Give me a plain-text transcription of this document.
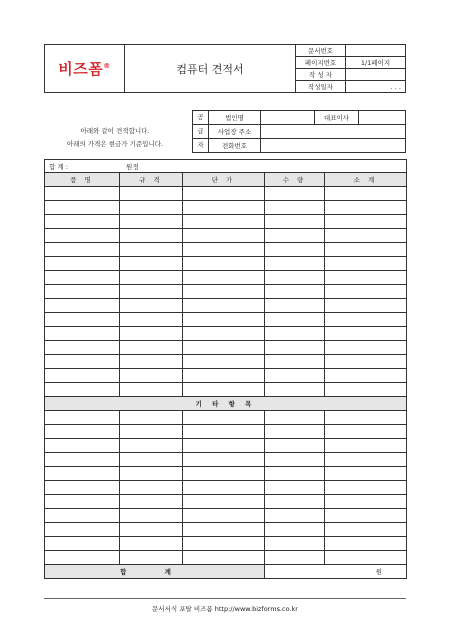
비즈폼®	컴퓨터 견적서	문서번호	
		페이지번호	1/1페이지
		작 성 자	
		작성일자	. . .
아래와 같이 견적합니다.
아래의 가격은 현금가 기준입니다.
공	법인명		대표이사	
급	사업장 주소			
자	전화번호			
합 계 : 원정				
품 명	규 격	단 가	수 량	소 계

기 타 항 목				

합 계			원	
문서서식 포탈 비즈폼 http://www.bizforms.co.kr
